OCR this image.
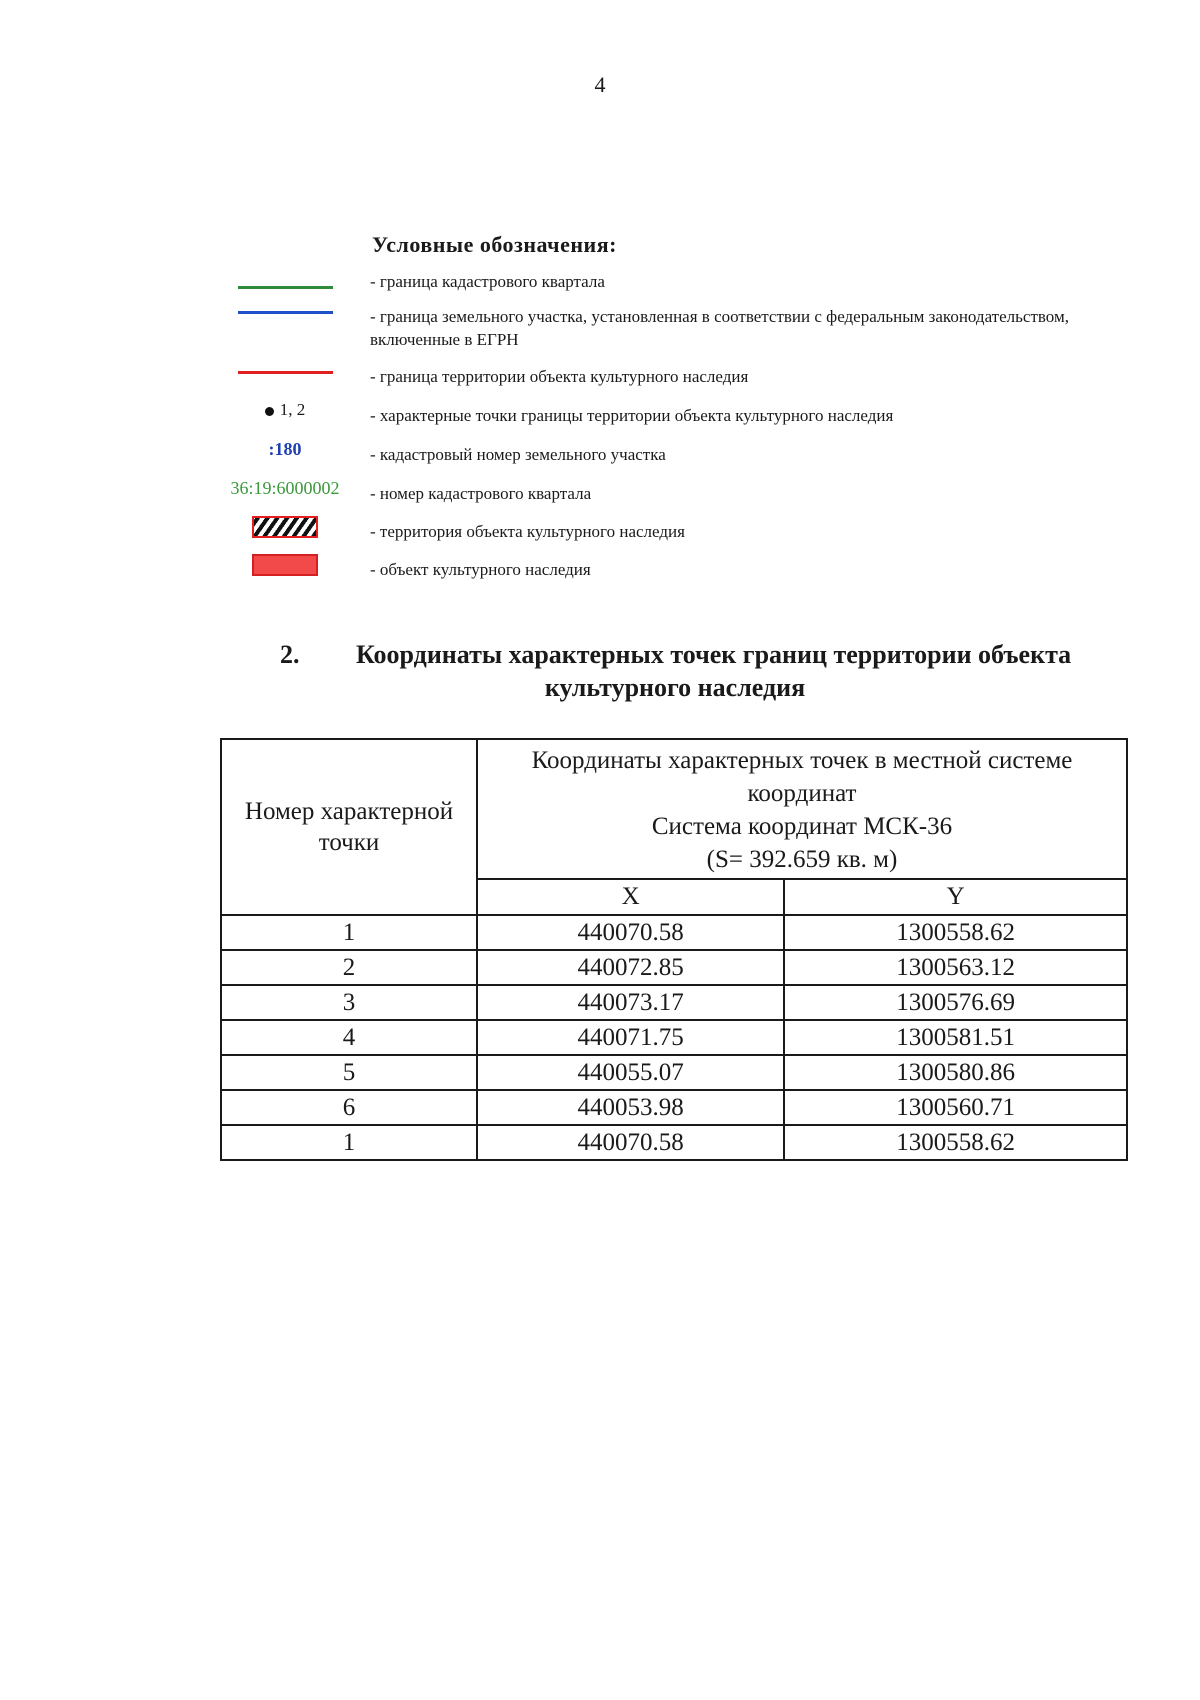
4
Условные обозначения:
- граница кадастрового квартала
- граница земельного участка, установленная в соответствии с федеральным законодательством, включенные в ЕГРН
- граница территории объекта культурного наследия
1, 2	- характерные точки границы территории объекта культурного наследия
:180	- кадастровый номер земельного участка
36:19:6000002	- номер кадастрового квартала
- территория объекта культурного наследия
- объект культурного наследия
2. Координаты характерных точек границ территории объекта
культурного наследия
Номер характерной точки	Координаты характерных точек в местной системе координат
Система координат МСК-36
(S= 392.659 кв. м)	

	X	Y
1	440070.58	1300558.62
2	440072.85	1300563.12
3	440073.17	1300576.69
4	440071.75	1300581.51
5	440055.07	1300580.86
6	440053.98	1300560.71
1	440070.58	1300558.62
